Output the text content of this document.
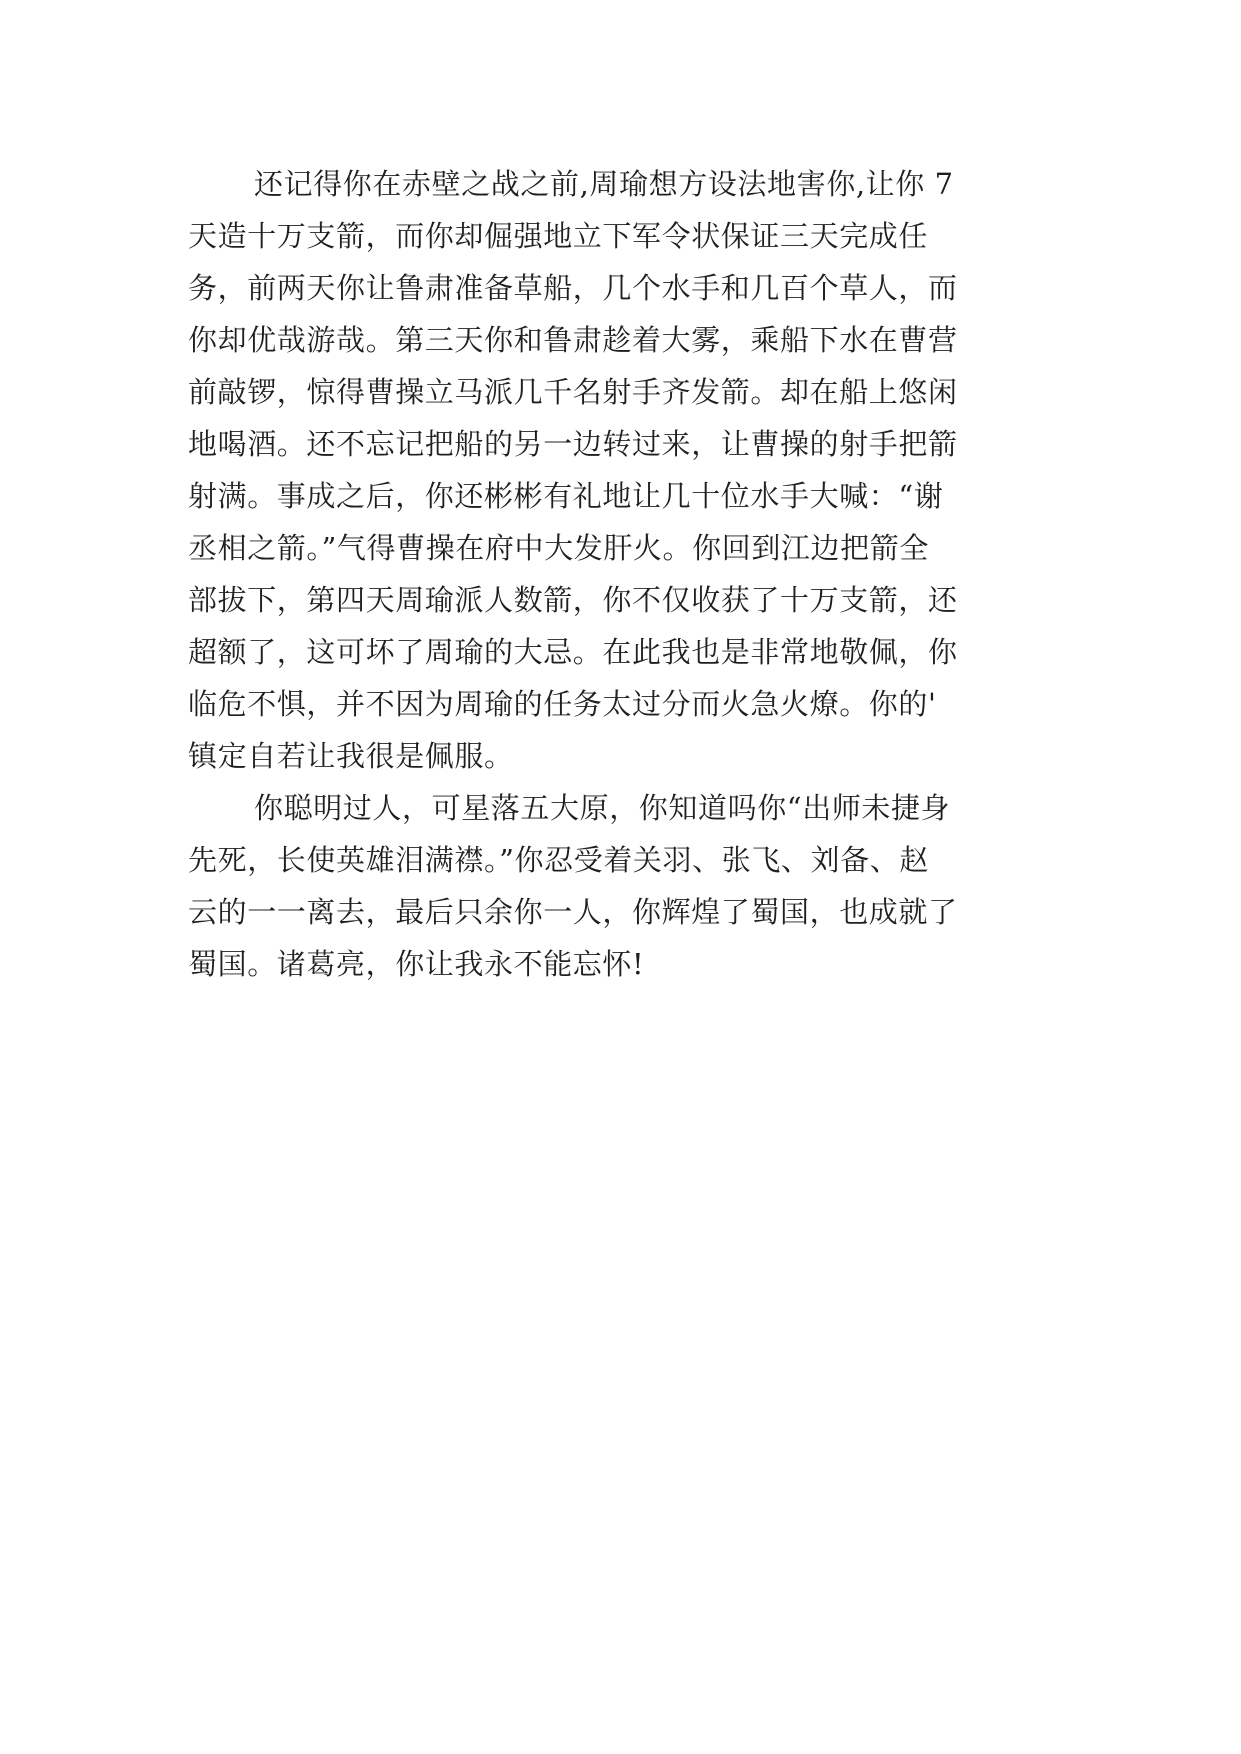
还记得你在赤壁之战之前,周瑜想方设法地害你,让你 7
天造十万支箭，而你却倔强地立下军令状保证三天完成任
务，前两天你让鲁肃准备草船，几个水手和几百个草人，而
你却优哉游哉。第三天你和鲁肃趁着大雾，乘船下水在曹营
前敲锣，惊得曹操立马派几千名射手齐发箭。却在船上悠闲
地喝酒。还不忘记把船的另一边转过来，让曹操的射手把箭
射满。事成之后，你还彬彬有礼地让几十位水手大喊：“谢
丞相之箭。”气得曹操在府中大发肝火。你回到江边把箭全
部拔下，第四天周瑜派人数箭，你不仅收获了十万支箭，还
超额了，这可坏了周瑜的大忌。在此我也是非常地敬佩，你
临危不惧，并不因为周瑜的任务太过分而火急火燎。你的'
镇定自若让我很是佩服。

你聪明过人，可星落五大原，你知道吗你“出师未捷身
先死，长使英雄泪满襟。”你忍受着关羽、张飞、刘备、赵
云的一一离去，最后只余你一人，你辉煌了蜀国，也成就了
蜀国。诸葛亮，你让我永不能忘怀!
